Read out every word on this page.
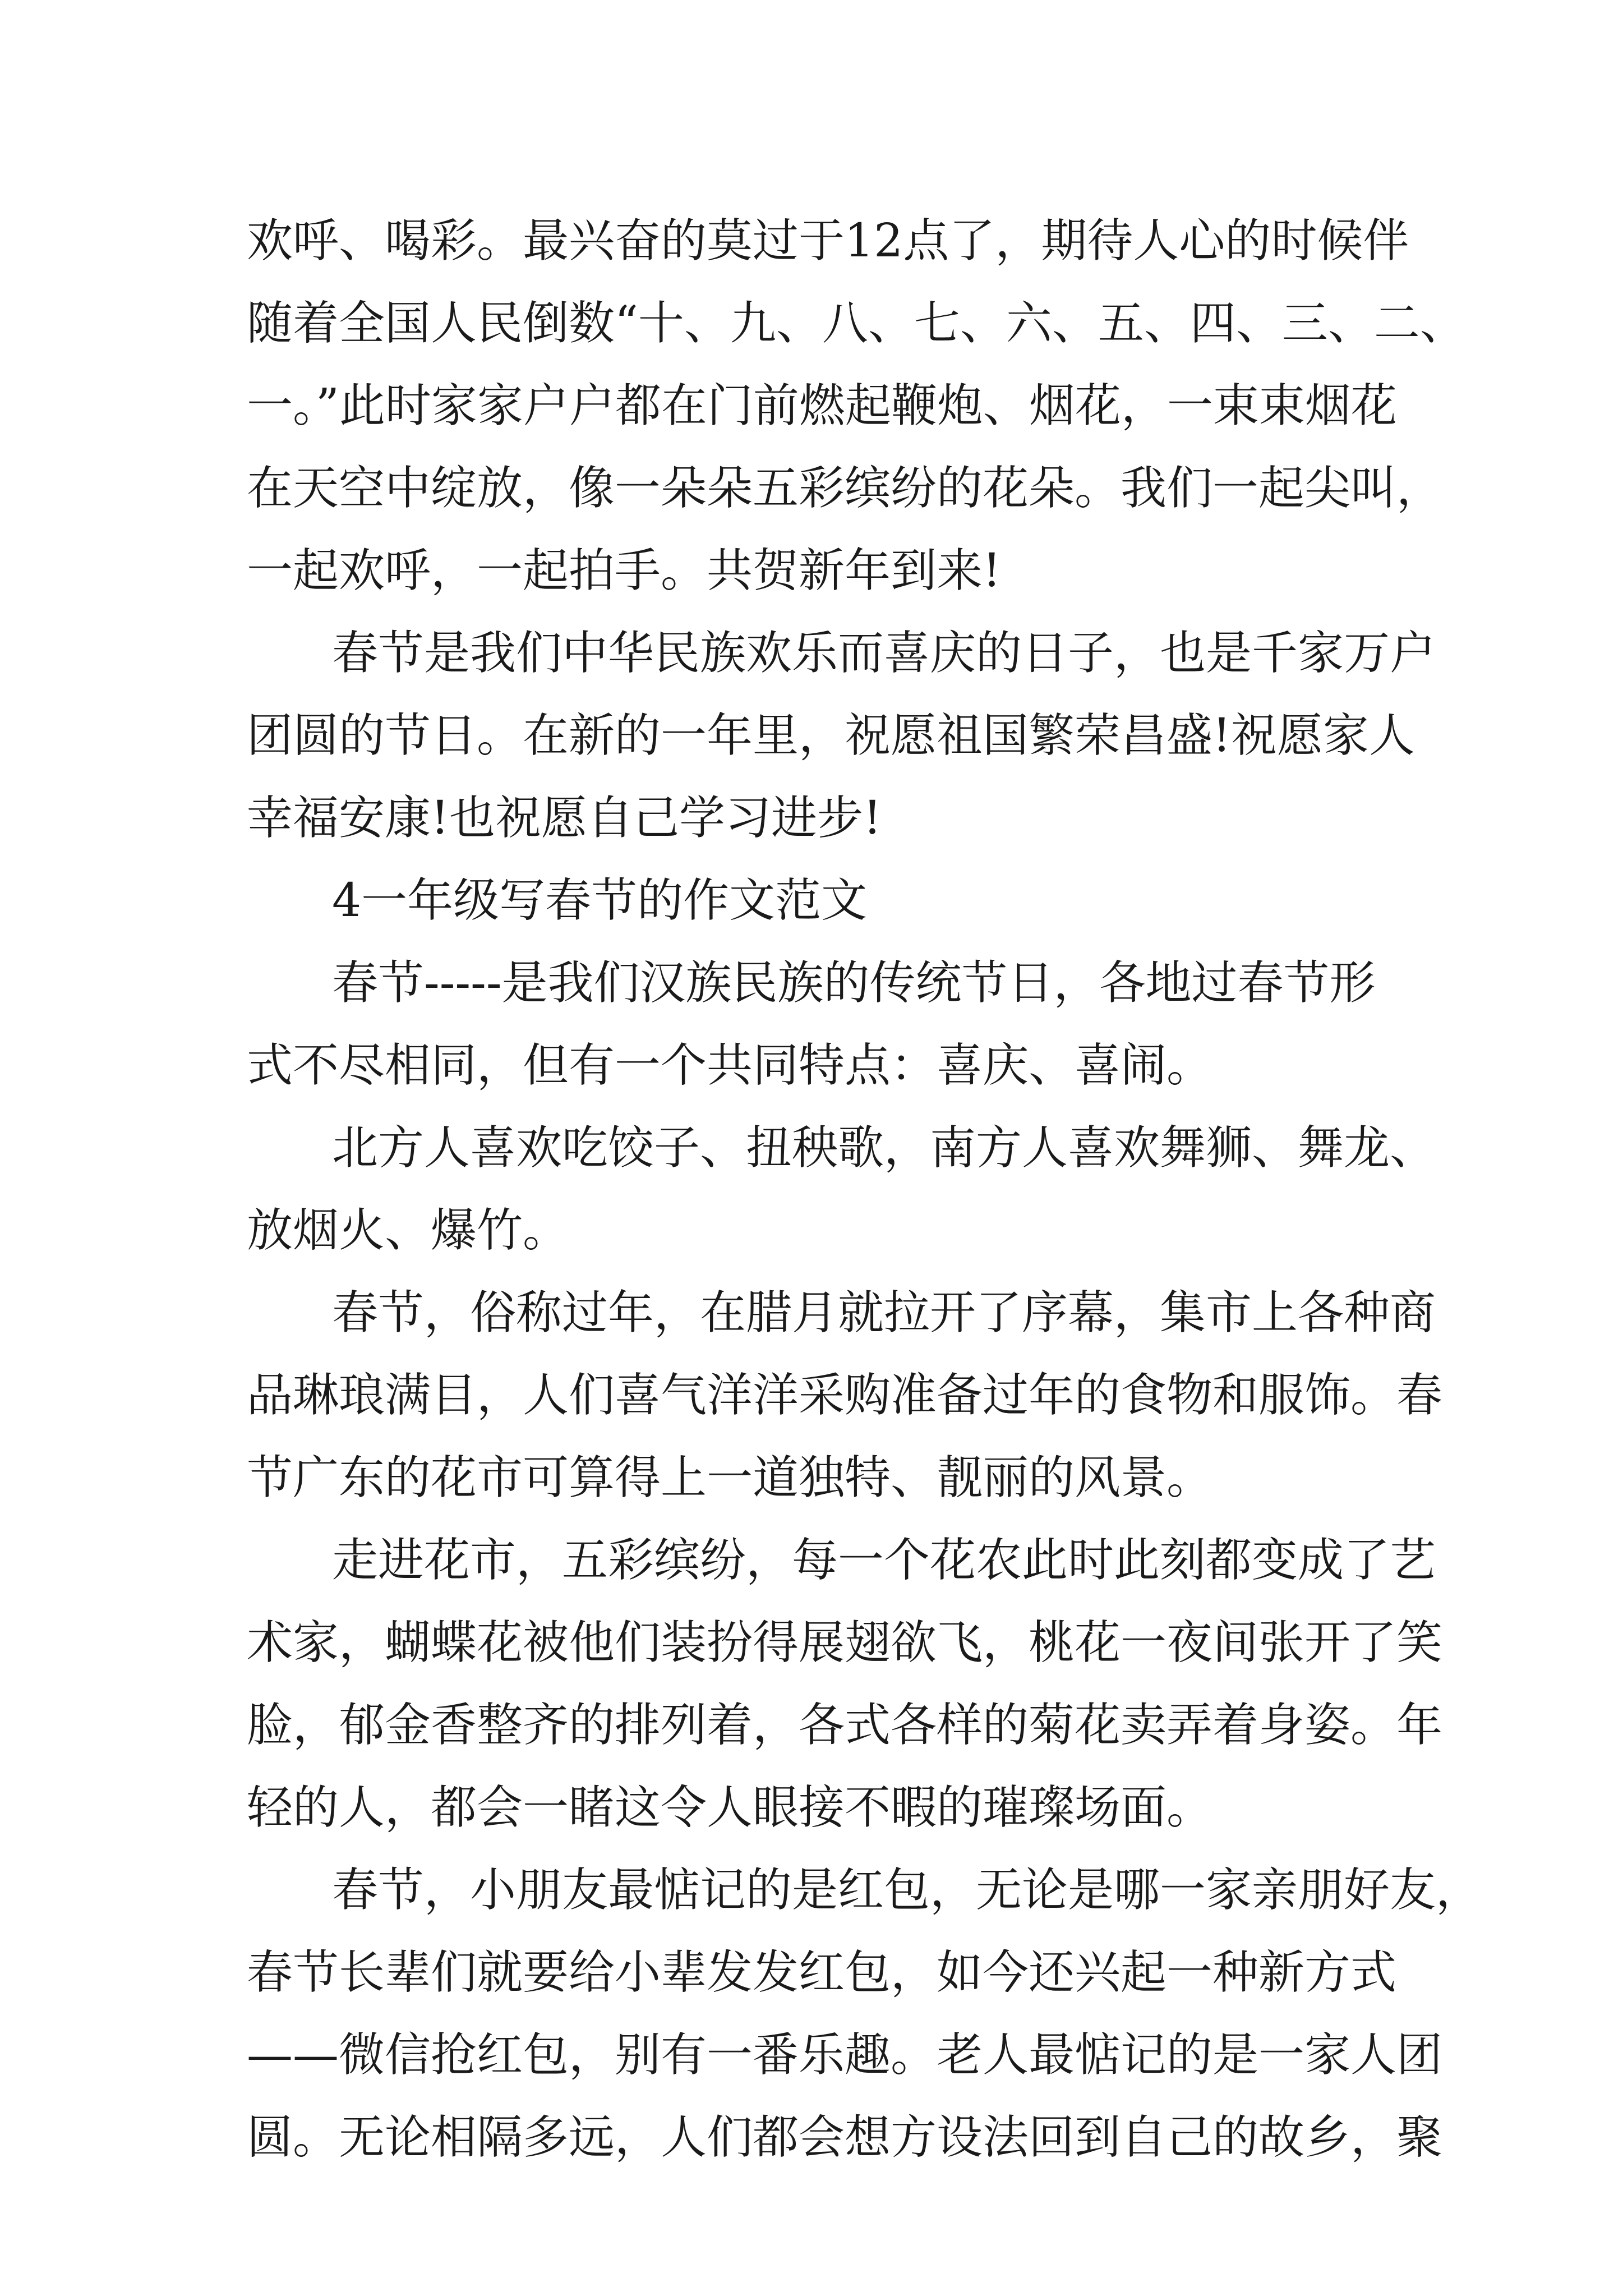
欢呼、喝彩。最兴奋的莫过于12点了，期待人心的时候伴

随着全国人民倒数“十、九、八、七、六、五、四、三、二、

一。”此时家家户户都在门前燃起鞭炮、烟花，一束束烟花

在天空中绽放，像一朵朵五彩缤纷的花朵。我们一起尖叫，

一起欢呼，一起拍手。共贺新年到来!

春节是我们中华民族欢乐而喜庆的日子，也是千家万户

团圆的节日。在新的一年里，祝愿祖国繁荣昌盛!祝愿家人

幸福安康!也祝愿自己学习进步!

4一年级写春节的作文范文

春节-----是我们汉族民族的传统节日，各地过春节形

式不尽相同，但有一个共同特点：喜庆、喜闹。

北方人喜欢吃饺子、扭秧歌，南方人喜欢舞狮、舞龙、

放烟火、爆竹。

春节，俗称过年，在腊月就拉开了序幕，集市上各种商

品琳琅满目，人们喜气洋洋采购准备过年的食物和服饰。春

节广东的花市可算得上一道独特、靓丽的风景。

走进花市，五彩缤纷，每一个花农此时此刻都变成了艺

术家，蝴蝶花被他们装扮得展翅欲飞，桃花一夜间张开了笑

脸，郁金香整齐的排列着，各式各样的菊花卖弄着身姿。年

轻的人，都会一睹这令人眼接不暇的璀璨场面。

春节，小朋友最惦记的是红包，无论是哪一家亲朋好友，

春节长辈们就要给小辈发发红包，如今还兴起一种新方式

——微信抢红包，别有一番乐趣。老人最惦记的是一家人团

圆。无论相隔多远，人们都会想方设法回到自己的故乡，聚
